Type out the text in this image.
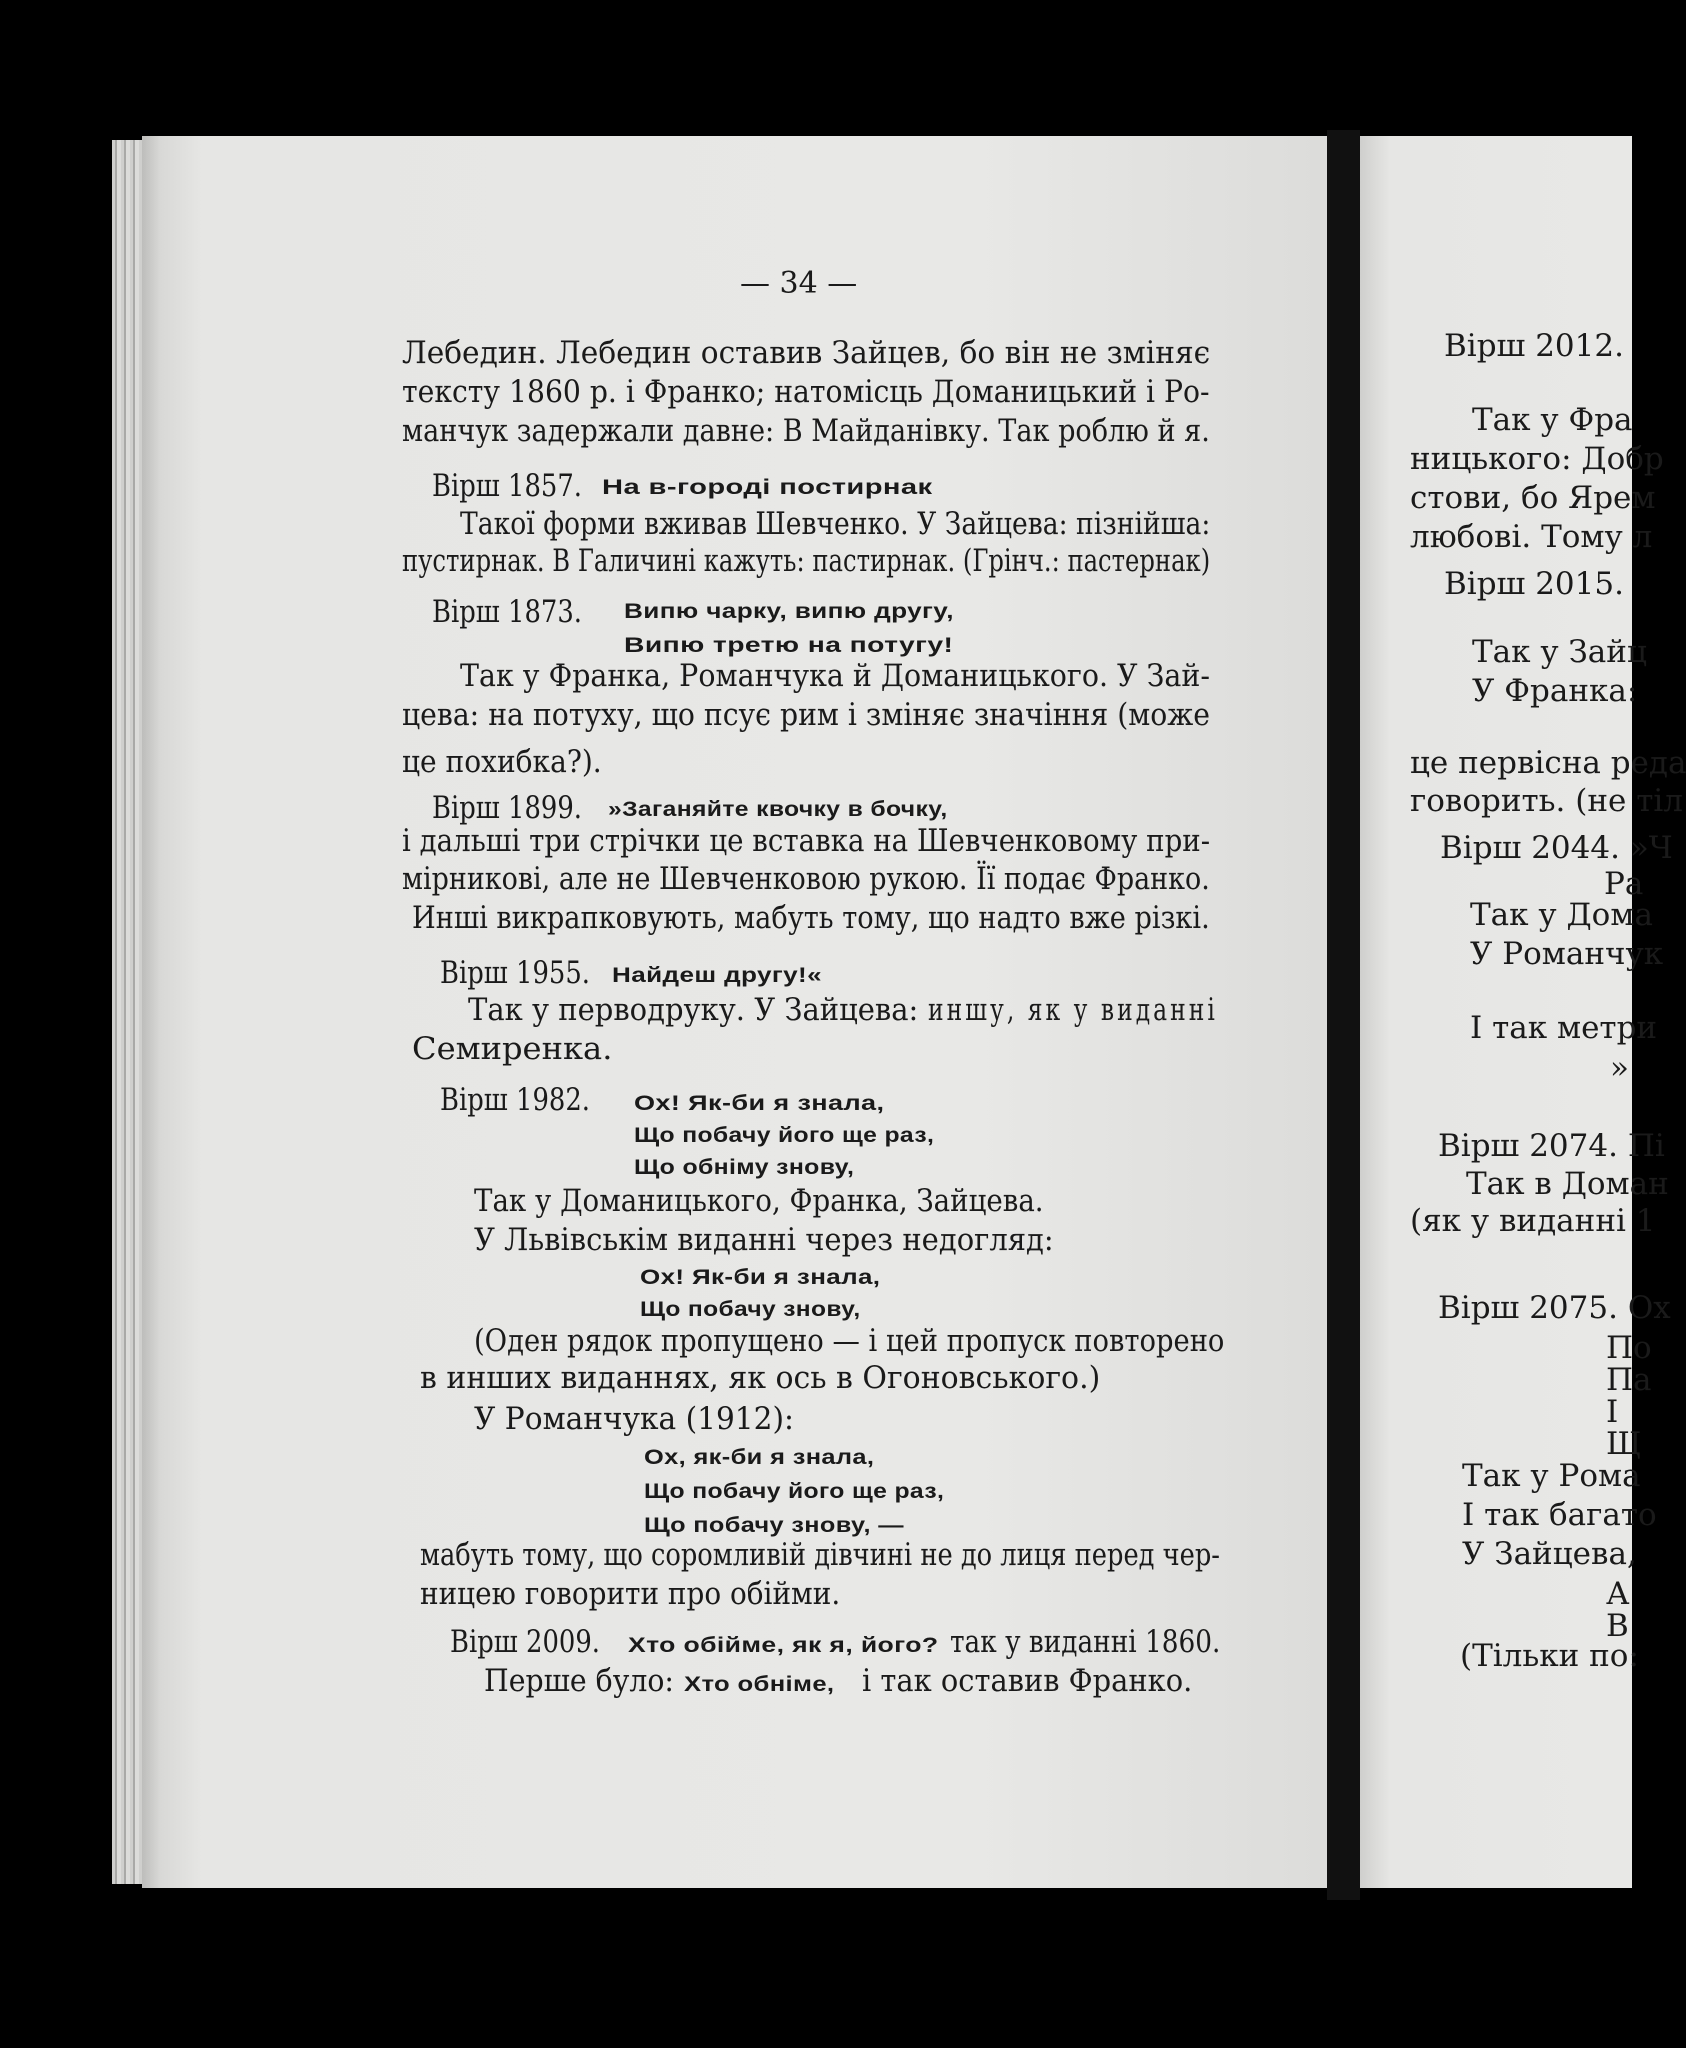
— 34 —
Лебедин. Лебедин оставив Зайцев, бо він не зміняє
тексту 1860 р. і Франко; натомісць Доманицький і Ро-
манчук задержали давне: В Майданівку. Так роблю й я.
Вірш 1857. На в-городі постирнак
Такої форми вживав Шевченко. У Зайцева: пізнійша:
пустирнак. В Галичині кажуть: пастирнак. (Грінч.: пастернак)
Вірш 1873. Випю чарку, випю другу,
Випю третю на потугу!
Так у Франка, Романчука й Доманицького. У Зай-
цева: на потуху, що псує рим і зміняє значіння (може
це похибка?).
Вірш 1899. »Заганяйте квочку в бочку,
і дальші три стрічки це вставка на Шевченковому при-
мірникові, але не Шевченковою рукою. Її подає Франко.
Инші викрапковують, мабуть тому, що надто вже різкі.
Вірш 1955. Найдеш другу!«
Так у перводруку. У Зайцева: иншу, як у виданні
Семиренка.
Вірш 1982. Ох! Як-би я знала,
Що побачу його ще раз,
Що обніму знову,
Так у Доманицького, Франка, Зайцева.
У Львівськім виданні через недогляд:
Ох! Як-би я знала,
Що побачу знову,
(Оден рядок пропущено — і цей пропуск повторено
в инших виданнях, як ось в Огоновського.)
У Романчука (1912):
Ох, як-би я знала,
Що побачу його ще раз,
Що побачу знову, —
мабуть тому, що соромливій дівчині не до лиця перед чер-
ницею говорити про обійми.
Вірш 2009. Хто обійме, як я, його? так у виданні 1860.
Перше було: Хто обніме, і так оставив Франко.
Вірш 2012.
Так у Фра
ницького: Добр
стови, бо Ярем
любові. Тому л
Вірш 2015.
Так у Зайц
У Франка:
це первісна реда
говорить. (не тіл
Вірш 2044. »Ч
Ра
Так у Дома
У Романчук
І так метри
»
Вірш 2074. Пі
Так в Доман
(як у виданні 1
Вірш 2075. Ох
По
Па
І
Щ
Так у Рома
І так багато
У Зайцева,
А
В
(Тільки по:
